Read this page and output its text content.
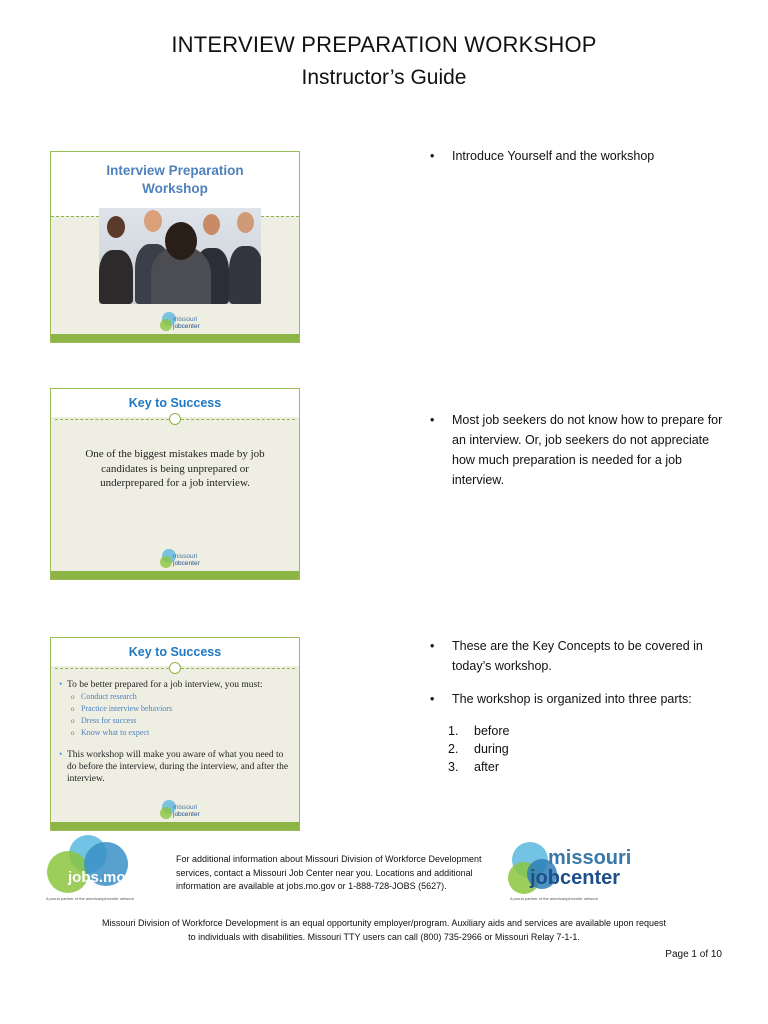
INTERVIEW PREPARATION WORKSHOP
Instructor’s Guide
Interview Preparation
Workshop
missouri
jobcenter
Key to Success
One of the biggest mistakes made by job candidates is being unprepared or underprepared for a job interview.
missouri
jobcenter
Key to Success
• To be better prepared for a job interview, you must:
o Conduct research
o Practice interview behaviors
o Dress for success
o Know what to expect
• This workshop will make you aware of what you need to do before the interview, during the interview, and after the interview.
missouri
jobcenter
• Introduce Yourself and the workshop
• Most job seekers do not know how to prepare for an interview. Or, job seekers do not appreciate how much preparation is needed for a job interview.
• These are the Key Concepts to be covered in today’s workshop.
• The workshop is organized into three parts:
1. before
2. during
3. after
jobs.mo.gov
A proud partner of the americanjobcenter network
For additional information about Missouri Division of Workforce Development services, contact a Missouri Job Center near you. Locations and additional information are available at jobs.mo.gov or 1-888-728-JOBS (5627).
missouri
jobcenter
A proud partner of the americanjobcenter network
Missouri Division of Workforce Development is an equal opportunity employer/program. Auxiliary aids and services are available upon request
to individuals with disabilities. Missouri TTY users can call (800) 735-2966 or Missouri Relay 7-1-1.
Page 1 of 10
